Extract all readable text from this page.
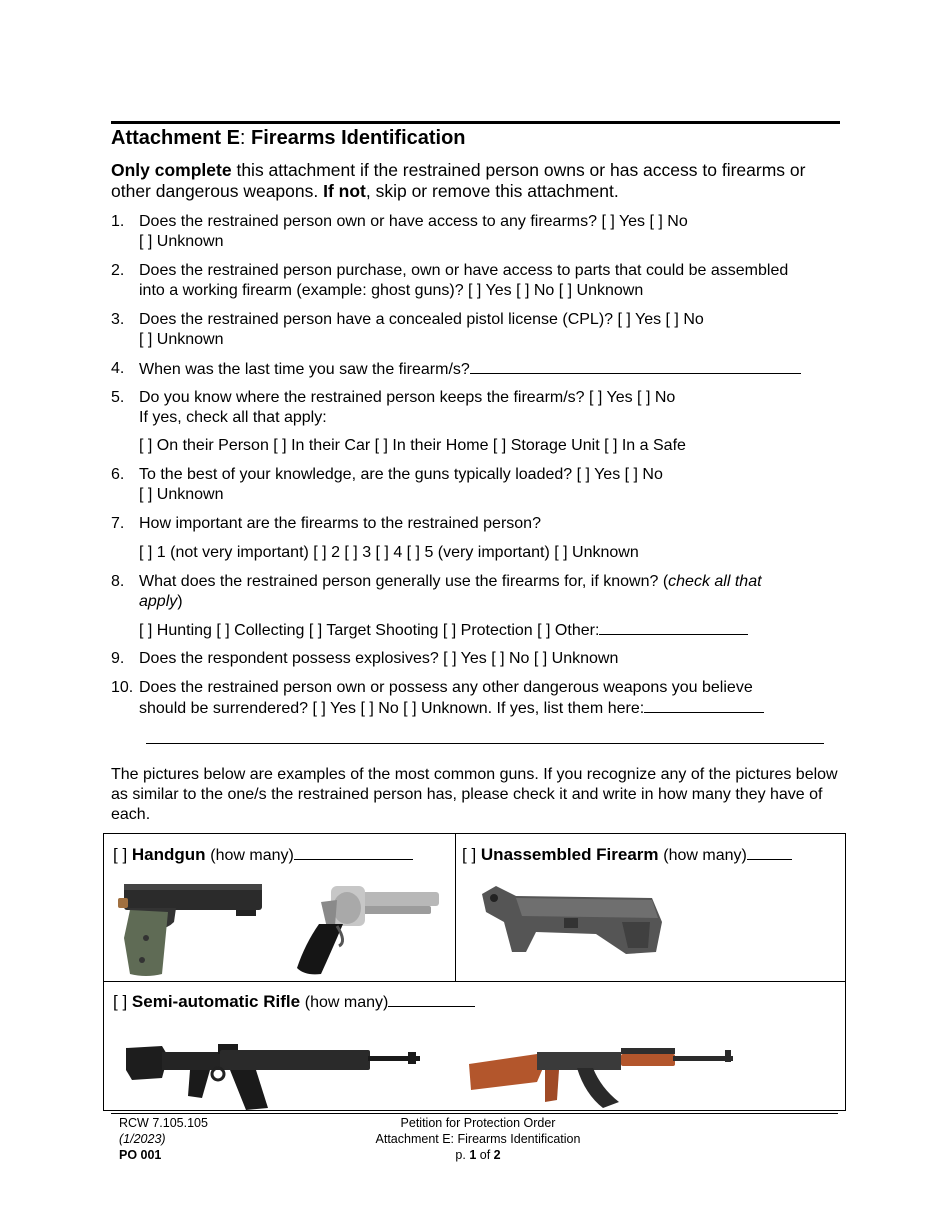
Attachment E: Firearms Identification
Only complete this attachment if the restrained person owns or has access to firearms or other dangerous weapons. If not, skip or remove this attachment.
1. Does the restrained person own or have access to any firearms? [ ] Yes [ ] No
[ ] Unknown
2. Does the restrained person purchase, own or have access to parts that could be assembled
into a working firearm (example: ghost guns)? [ ] Yes [ ] No [ ] Unknown
3. Does the restrained person have a concealed pistol license (CPL)? [ ] Yes [ ] No
[ ] Unknown
4. When was the last time you saw the firearm/s?
5. Do you know where the restrained person keeps the firearm/s? [ ] Yes [ ] No
If yes, check all that apply:
[ ] On their Person [ ] In their Car [ ] In their Home [ ] Storage Unit [ ] In a Safe
6. To the best of your knowledge, are the guns typically loaded? [ ] Yes [ ] No
[ ] Unknown
7. How important are the firearms to the restrained person?
[ ] 1 (not very important) [ ] 2 [ ] 3 [ ] 4 [ ] 5 (very important) [ ] Unknown
8. What does the restrained person generally use the firearms for, if known? (check all that
apply)
[ ] Hunting [ ] Collecting [ ] Target Shooting [ ] Protection [ ] Other:
9. Does the respondent possess explosives? [ ] Yes [ ] No [ ] Unknown
10. Does the restrained person own or possess any other dangerous weapons you believe
should be surrendered? [ ] Yes [ ] No [ ] Unknown. If yes, list them here:
The pictures below are examples of the most common guns. If you recognize any of the pictures below as similar to the one/s the restrained person has, please check it and write in how many they have of each.
[ ] Handgun (how many)	[ ] Unassembled Firearm (how many)
[ ] Semi-automatic Rifle (how many)
RCW 7.105.105
(1/2023)
PO 001
Petition for Protection Order
Attachment E: Firearms Identification
p. 1 of 2
